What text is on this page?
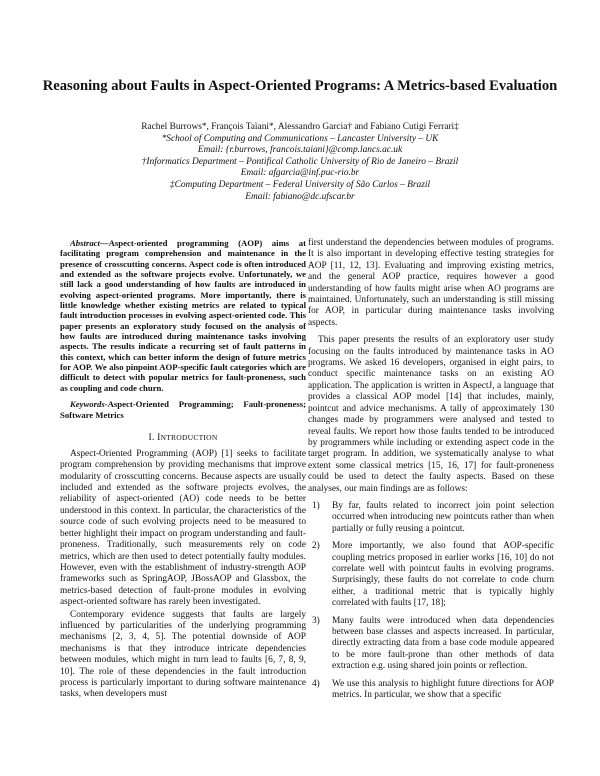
Reasoning about Faults in Aspect-Oriented Programs: A Metrics-based Evaluation
Rachel Burrows*, François Taïani*, Alessandro Garcia† and Fabiano Cutigi Ferrari‡
*School of Computing and Communications – Lancaster University – UK
Email: {r.burrows, francois.taiani}@comp.lancs.ac.uk
†Informatics Department – Pontifical Catholic University of Rio de Janeiro – Brazil
Email: afgarcia@inf.puc-rio.br
‡Computing Department – Federal University of São Carlos – Brazil
Email: fabiano@dc.ufscar.br

Abstract—Aspect-oriented programming (AOP) aims at facilitating program comprehension and maintenance in the presence of crosscutting concerns. Aspect code is often introduced and extended as the software projects evolve. Unfortunately, we still lack a good understanding of how faults are introduced in evolving aspect-oriented programs. More importantly, there is little knowledge whether existing metrics are related to typical fault introduction processes in evolving aspect-oriented code. This paper presents an exploratory study focused on the analysis of how faults are introduced during maintenance tasks involving aspects. The results indicate a recurring set of fault patterns in this context, which can better inform the design of future metrics for AOP. We also pinpoint AOP-specific fault categories which are difficult to detect with popular metrics for fault-proneness, such as coupling and code churn.

Keywords-Aspect-Oriented Programming; Fault-proneness; Software Metrics

I. INTRODUCTION

Aspect-Oriented Programming (AOP) [1] seeks to facilitate program comprehension by providing mechanisms that improve modularity of crosscutting concerns. Because aspects are usually included and extended as the software projects evolves, the reliability of aspect-oriented (AO) code needs to be better understood in this context. In particular, the characteristics of the source code of such evolving projects need to be measured to better highlight their impact on program understanding and fault-proneness. Traditionally, such measurements rely on code metrics, which are then used to detect potentially faulty modules. However, even with the establishment of industry-strength AOP frameworks such as SpringAOP, JBossAOP and Glassbox, the metrics-based detection of fault-prone modules in evolving aspect-oriented software has rarely been investigated.

Contemporary evidence suggests that faults are largely influenced by particularities of the underlying programming mechanisms [2, 3, 4, 5]. The potential downside of AOP mechanisms is that they introduce intricate dependencies between modules, which might in turn lead to faults [6, 7, 8, 9, 10]. The role of these dependencies in the fault introduction process is particularly important to during software maintenance tasks, when developers must

first understand the dependencies between modules of programs. It is also important in developing effective testing strategies for AOP [11, 12, 13]. Evaluating and improving existing metrics, and the general AOP practice, requires however a good understanding of how faults might arise when AO programs are maintained. Unfortunately, such an understanding is still missing for AOP, in particular during maintenance tasks involving aspects.

This paper presents the results of an exploratory user study focusing on the faults introduced by maintenance tasks in AO programs. We asked 16 developers, organised in eight pairs, to conduct specific maintenance tasks on an existing AO application. The application is written in AspectJ, a language that provides a classical AOP model [14] that includes, mainly, pointcut and advice mechanisms. A tally of approximately 130 changes made by programmers were analysed and tested to reveal faults. We report how those faults tended to be introduced by programmers while including or extending aspect code in the target program. In addition, we systematically analyse to what extent some classical metrics [15, 16, 17] for fault-proneness could be used to detect the faulty aspects. Based on these analyses, our main findings are as follows:

1) By far, faults related to incorrect join point selection occurred when introducing new pointcuts rather than when partially or fully reusing a pointcut.
2) More importantly, we also found that AOP-specific coupling metrics proposed in earlier works [16, 10] do not correlate well with pointcut faults in evolving programs. Surprisingly, these faults do not correlate to code churn either, a traditional metric that is typically highly correlated with faults [17, 18];
3) Many faults were introduced when data dependencies between base classes and aspects increased. In particular, directly extracting data from a base code module appeared to be more fault-prone than other methods of data extraction e.g. using shared join points or reflection.
4) We use this analysis to highlight future directions for AOP metrics. In particular, we show that a specific
